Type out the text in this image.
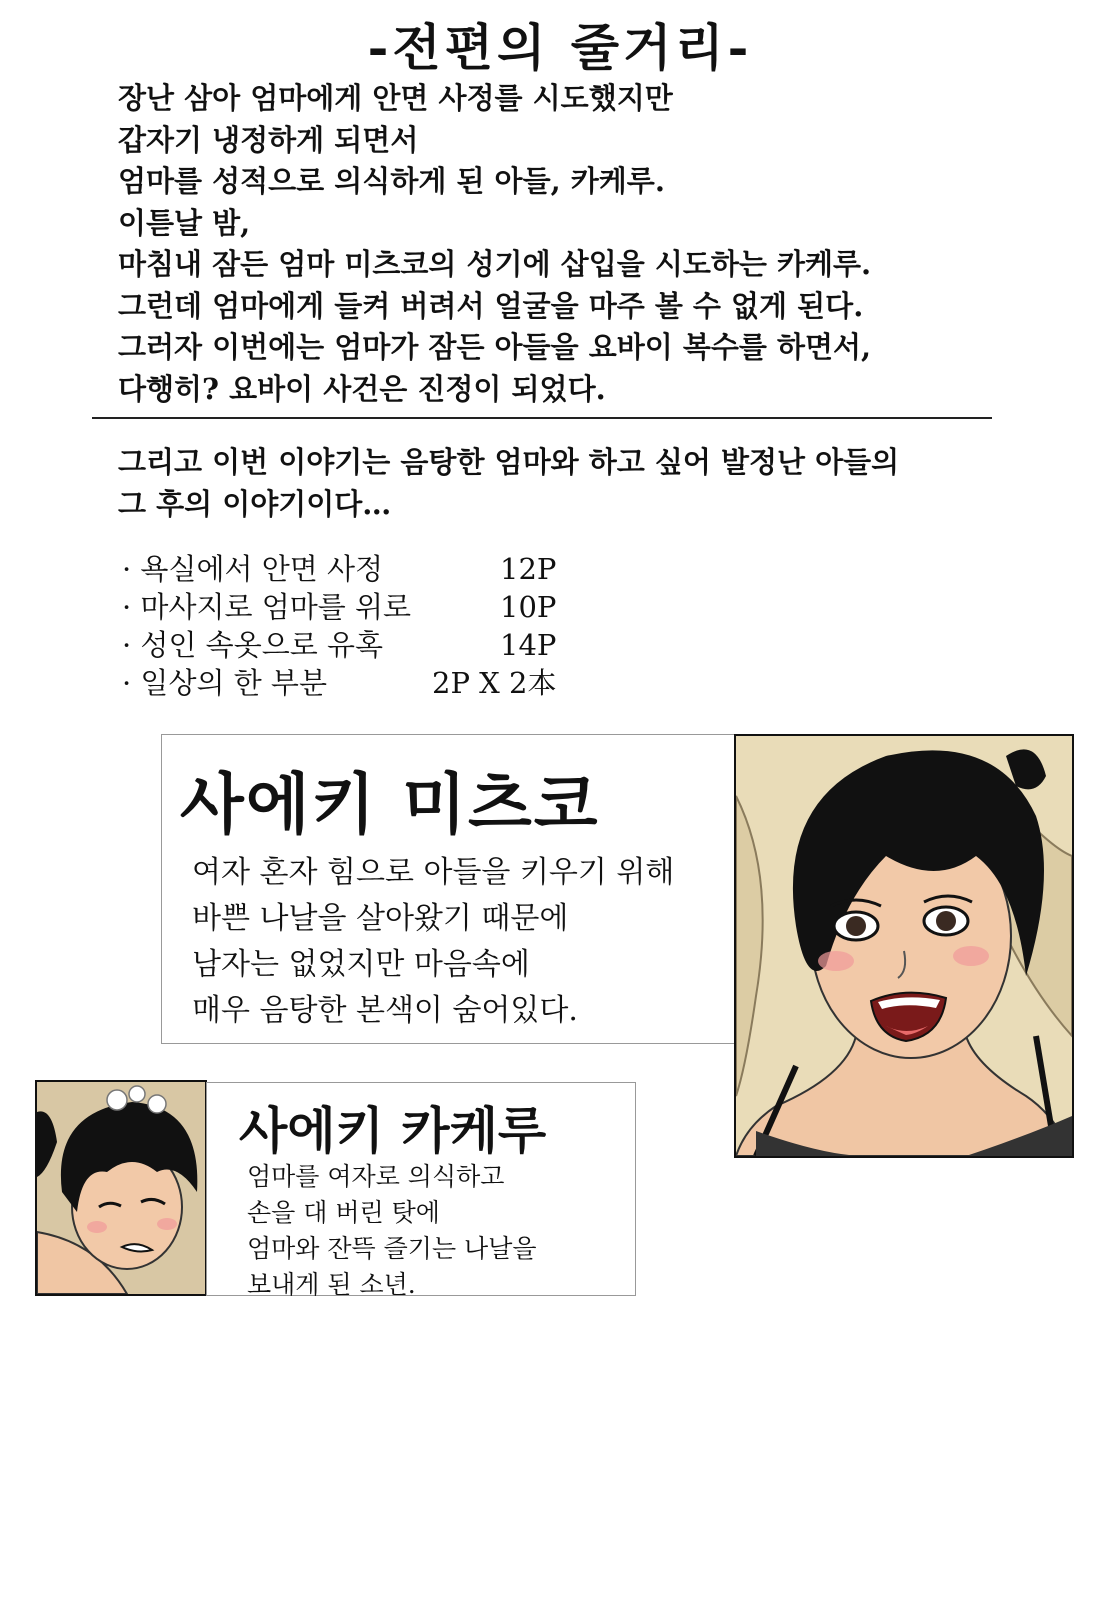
-전편의 줄거리-
장난 삼아 엄마에게 안면 사정를 시도했지만
갑자기 냉정하게 되면서
엄마를 성적으로 의식하게 된 아들, 카케루.
이튿날 밤,
마침내 잠든 엄마 미츠코의 성기에 삽입을 시도하는 카케루.
그런데 엄마에게 들켜 버려서 얼굴을 마주 볼 수 없게 된다.
그러자 이번에는 엄마가 잠든 아들을 요바이 복수를 하면서,
다행히? 요바이 사건은 진정이 되었다.
그리고 이번 이야기는 음탕한 엄마와 하고 싶어 발정난 아들의
그 후의 이야기이다…
· 욕실에서 안면 사정	12P
· 마사지로 엄마를 위로	10P
· 성인 속옷으로 유혹	14P
· 일상의 한 부분	2P X 2本
사에키 미츠코
여자 혼자 힘으로 아들을 키우기 위해
바쁜 나날을 살아왔기 때문에
남자는 없었지만 마음속에
매우 음탕한 본색이 숨어있다.
사에키 카케루
엄마를 여자로 의식하고
손을 대 버린 탓에
엄마와 잔뜩 즐기는 나날을
보내게 된 소년.
